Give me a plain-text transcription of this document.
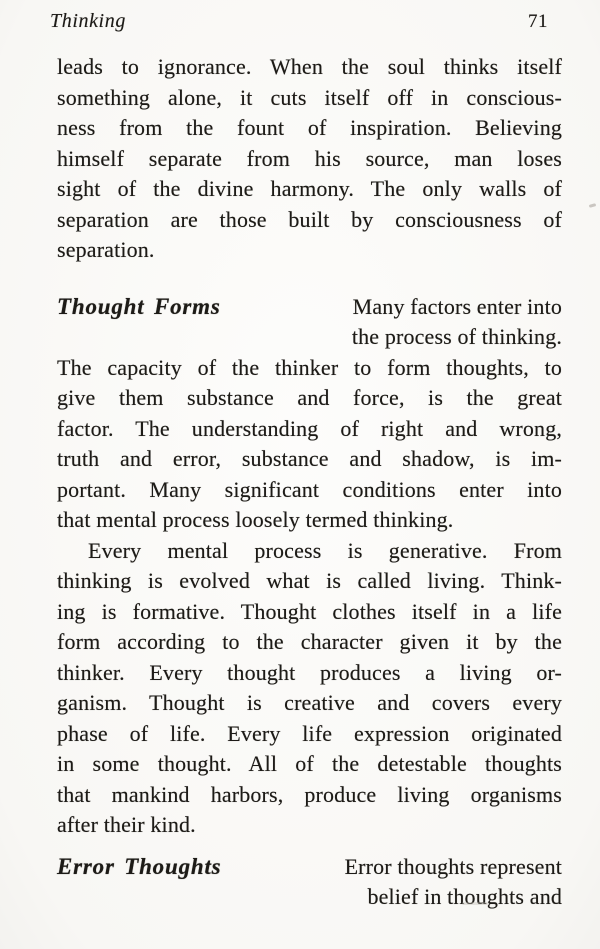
Thinking	71
leads to ignorance. When the soul thinks itself
something alone, it cuts itself off in conscious-
ness from the fount of inspiration. Believing
himself separate from his source, man loses
sight of the divine harmony. The only walls of
separation are those built by consciousness of
separation.
Thought Forms	Many factors enter into
the process of thinking.
The capacity of the thinker to form thoughts, to
give them substance and force, is the great
factor. The understanding of right and wrong,
truth and error, substance and shadow, is im-
portant. Many significant conditions enter into
that mental process loosely termed thinking.
Every mental process is generative. From
thinking is evolved what is called living. Think-
ing is formative. Thought clothes itself in a life
form according to the character given it by the
thinker. Every thought produces a living or-
ganism. Thought is creative and covers every
phase of life. Every life expression originated
in some thought. All of the detestable thoughts
that mankind harbors, produce living organisms
after their kind.
Error Thoughts	Error thoughts represent
belief in thoughts and
